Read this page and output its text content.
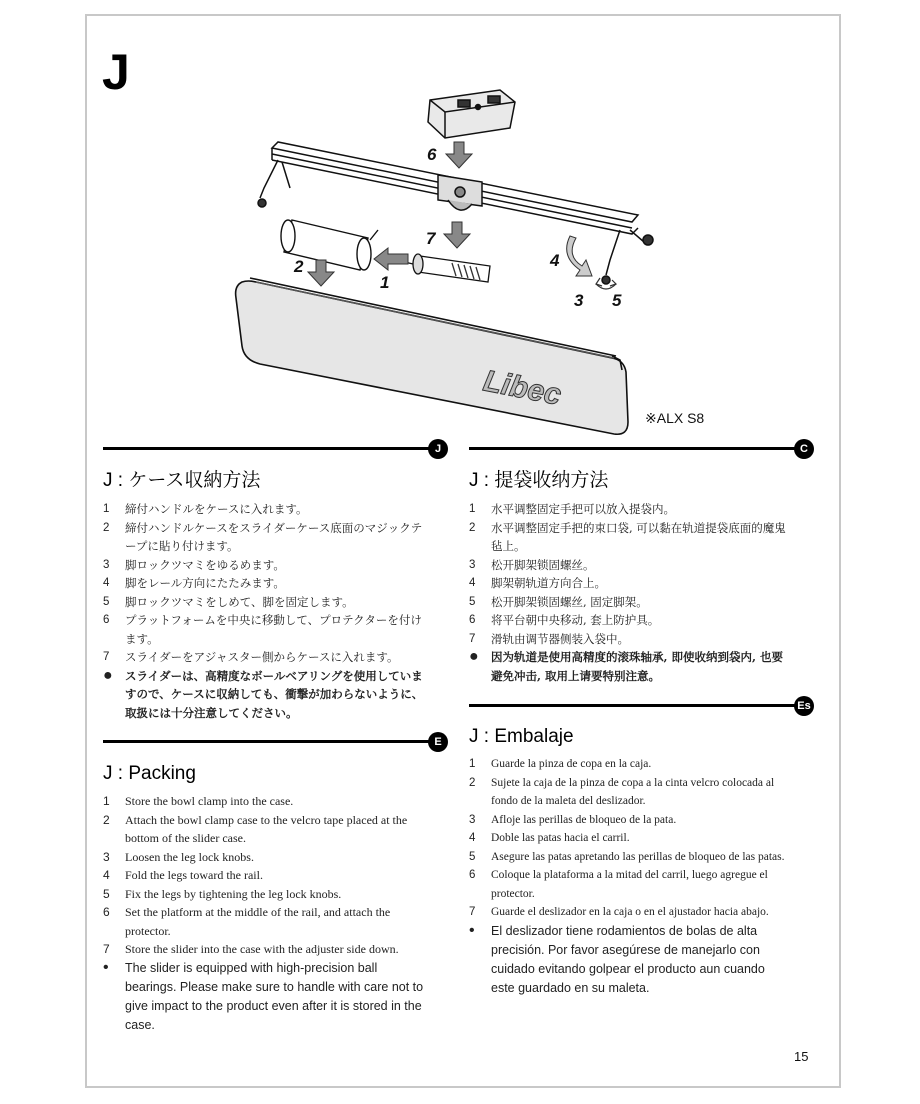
J
6
7
1
2	4
3 5
Libec
※ALX S8
J	C
E
Es
J : ケース収納方法
1	締付ハンドルをケースに入れます。
2	締付ハンドルケースをスライダーケース底面のマジックテープに貼り付けます。
3	脚ロックツマミをゆるめます。
4	脚をレール方向にたたみます。
5	脚ロックツマミをしめて、脚を固定します。
6	プラットフォームを中央に移動して、プロテクターを付けます。
7	スライダーをアジャスター側からケースに入れます。
●	スライダーは、高精度なボールベアリングを使用していますので、ケースに収納しても、衝撃が加わらないように、取扱には十分注意してください。
J : 提袋收纳方法
1	水平调整固定手把可以放入提袋内。
2	水平调整固定手把的束口袋, 可以黏在轨道提袋底面的魔鬼毡上。
3	松开脚架锁固螺丝。
4	脚架朝轨道方向合上。
5	松开脚架锁固螺丝, 固定脚架。
6	将平台朝中央移动, 套上防护具。
7	滑轨由调节器侧装入袋中。
●	因为轨道是使用高精度的滚珠轴承, 即使收纳到袋内, 也要避免冲击, 取用上请要特别注意。
J : Packing
1	Store the bowl clamp into the case.
2	Attach the bowl clamp case to the velcro tape placed at the bottom of the slider case.
3	Loosen the leg lock knobs.
4	Fold the legs toward the rail.
5	Fix the legs by tightening the leg lock knobs.
6	Set the platform at the middle of the rail, and attach the protector.
7	Store the slider into the case with the adjuster side down.
•	The slider is equipped with high-precision ball bearings. Please make sure to handle with care not to give impact to the product even after it is stored in the case.
J : Embalaje
1	Guarde la pinza de copa en la caja.
2	Sujete la caja de la pinza de copa a la cinta velcro colocada al fondo de la maleta del deslizador.
3	Afloje las perillas de bloqueo de la pata.
4	Doble las patas hacia el carril.
5	Asegure las patas apretando las perillas de bloqueo de las patas.
6	Coloque la plataforma a la mitad del carril, luego agregue el protector.
7	Guarde el deslizador en la caja o en el ajustador hacia abajo.
•	El deslizador tiene rodamientos de bolas de alta precisión. Por favor asegúrese de manejarlo con cuidado evitando golpear el producto aun cuando este guardado en su maleta.
15
